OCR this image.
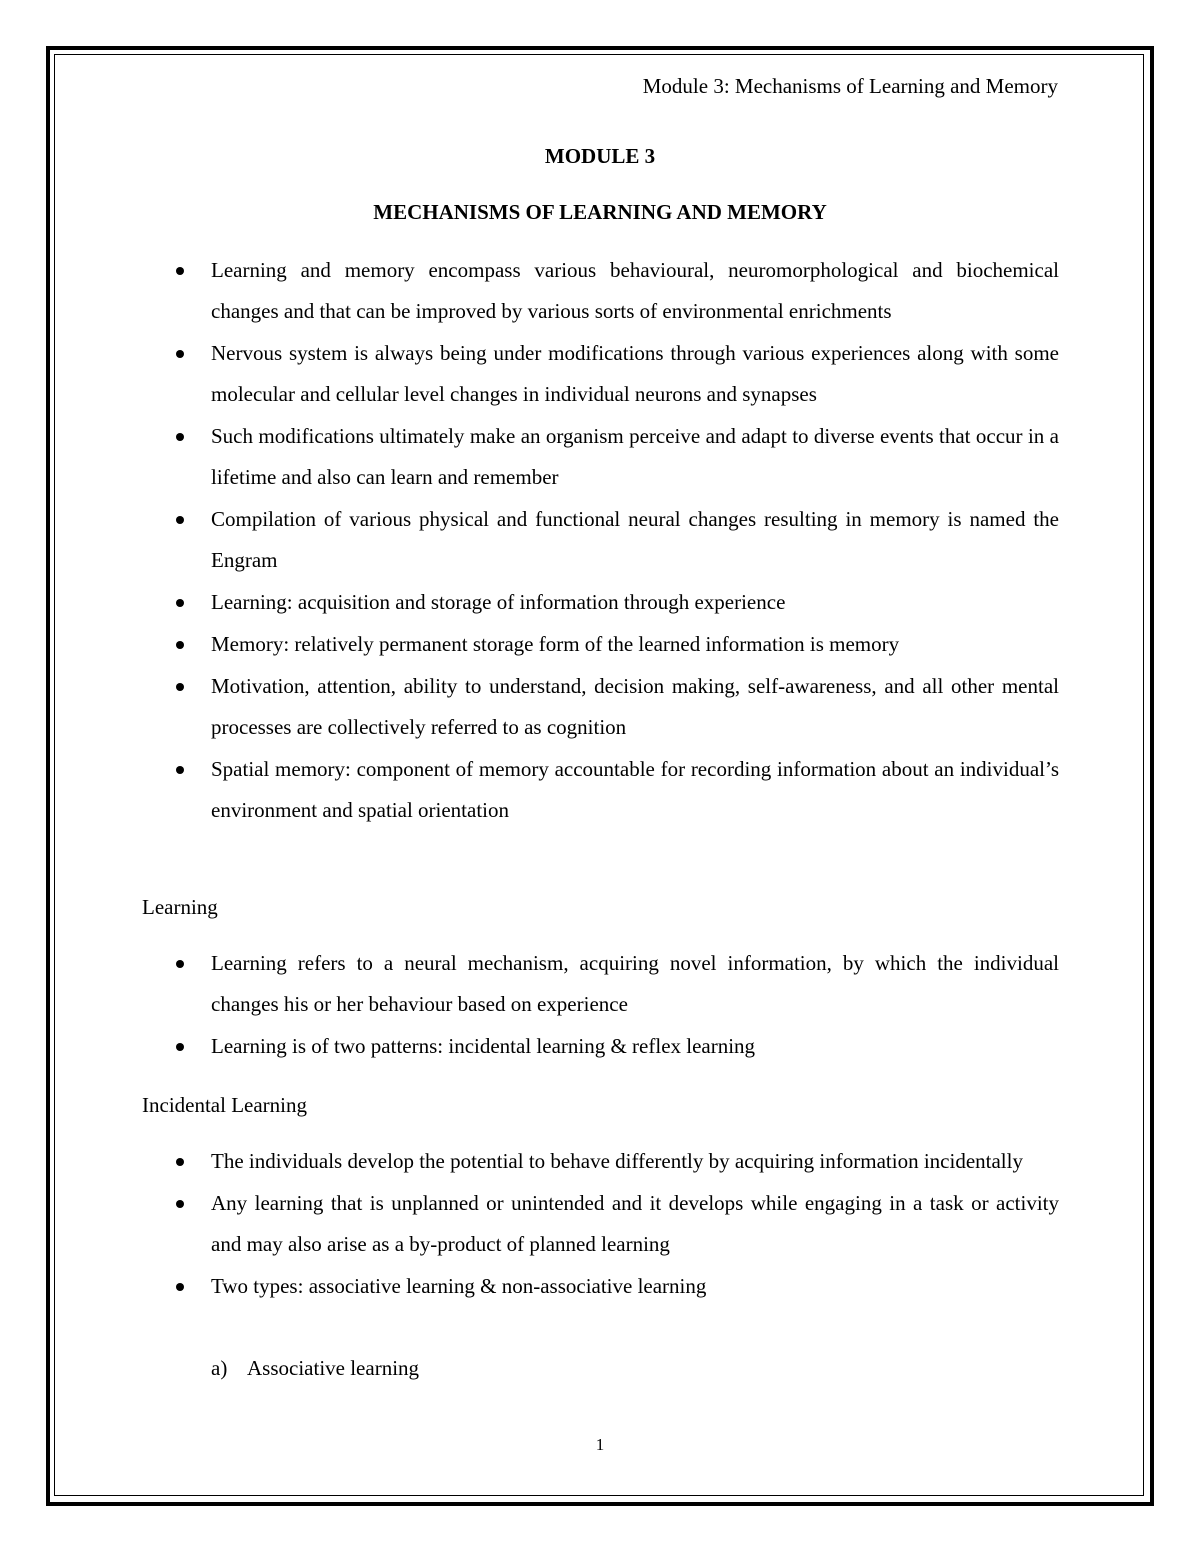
Module 3: Mechanisms of Learning and Memory
MODULE 3
MECHANISMS OF LEARNING AND MEMORY
Learning and memory encompass various behavioural, neuromorphological and biochemical changes and that can be improved by various sorts of environmental enrichments
Nervous system is always being under modifications through various experiences along with some molecular and cellular level changes in individual neurons and synapses
Such modifications ultimately make an organism perceive and adapt to diverse events that occur in a lifetime and also can learn and remember
Compilation of various physical and functional neural changes resulting in memory is named the Engram
Learning: acquisition and storage of information through experience
Memory: relatively permanent storage form of the learned information is memory
Motivation, attention, ability to understand, decision making, self-awareness, and all other mental processes are collectively referred to as cognition
Spatial memory: component of memory accountable for recording information about an individual’s environment and spatial orientation
Learning
Learning refers to a neural mechanism, acquiring novel information, by which the individual changes his or her behaviour based on experience
Learning is of two patterns: incidental learning & reflex learning
Incidental Learning
The individuals develop the potential to behave differently by acquiring information incidentally
Any learning that is unplanned or unintended and it develops while engaging in a task or activity and may also arise as a by-product of planned learning
Two types: associative learning & non-associative learning
a) Associative learning
1
